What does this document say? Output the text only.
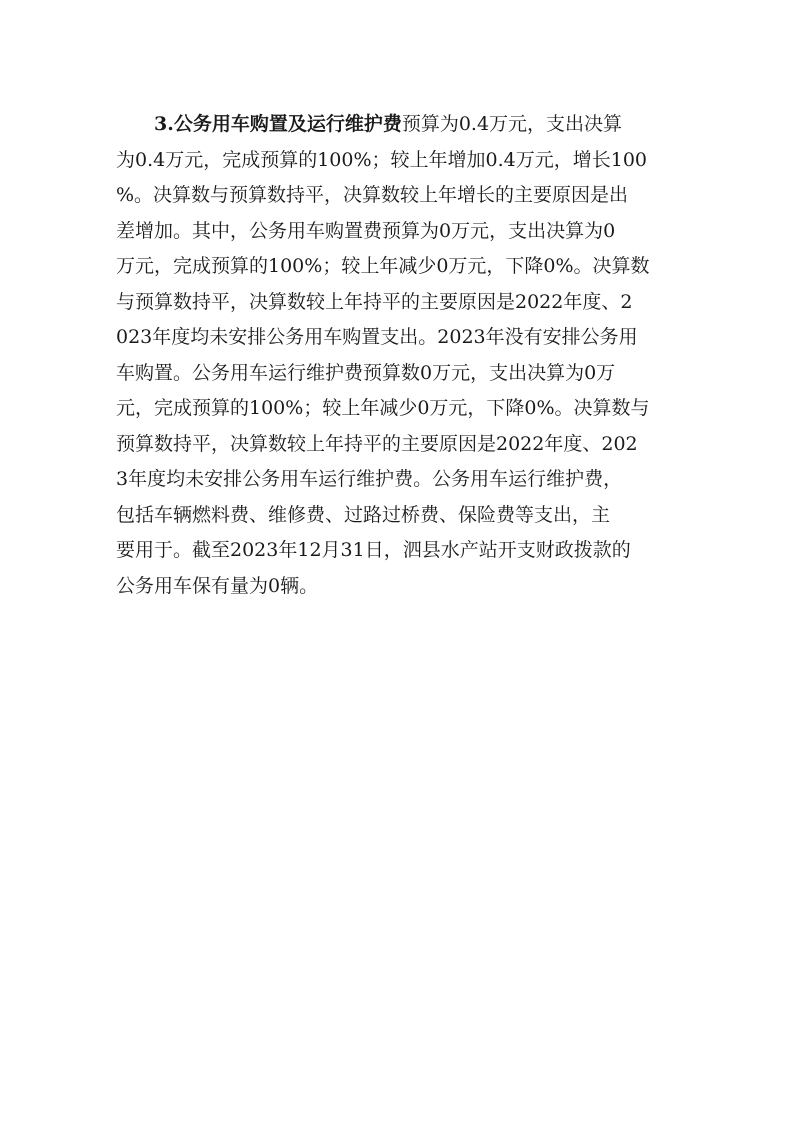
3.公务用车购置及运行维护费预算为0.4万元，支出决算
为0.4万元，完成预算的100%；较上年增加0.4万元，增长100
%。决算数与预算数持平，决算数较上年增长的主要原因是出
差增加。其中，公务用车购置费预算为0万元，支出决算为0
万元，完成预算的100%；较上年减少0万元，下降0%。决算数
与预算数持平，决算数较上年持平的主要原因是2022年度、2
023年度均未安排公务用车购置支出。2023年没有安排公务用
车购置。公务用车运行维护费预算数0万元，支出决算为0万
元，完成预算的100%；较上年减少0万元，下降0%。决算数与
预算数持平，决算数较上年持平的主要原因是2022年度、202
3年度均未安排公务用车运行维护费。公务用车运行维护费，
包括车辆燃料费、维修费、过路过桥费、保险费等支出，主
要用于。截至2023年12月31日，泗县水产站开支财政拨款的
公务用车保有量为0辆。
